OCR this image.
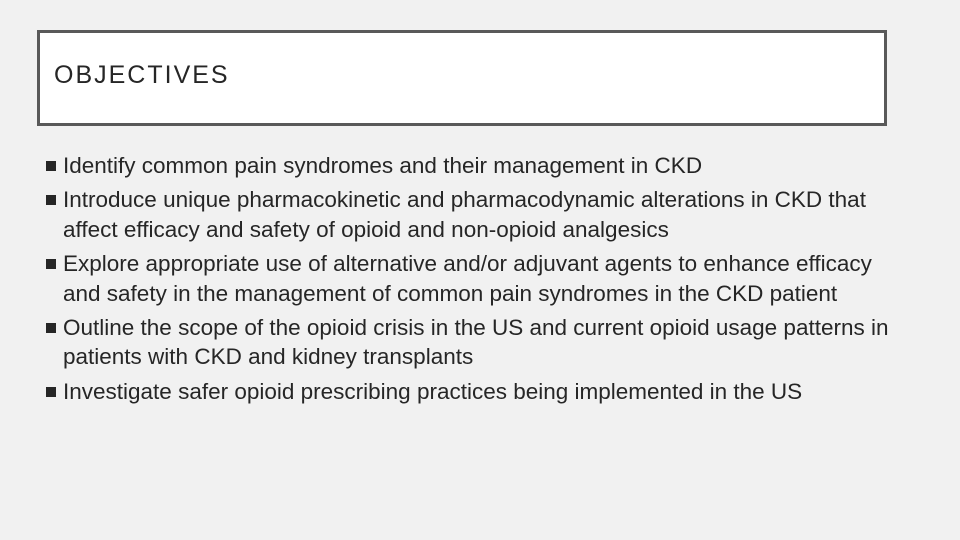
OBJECTIVES
Identify common pain syndromes and their management in CKD
Introduce unique pharmacokinetic and pharmacodynamic alterations in CKD that affect efficacy and safety of opioid and non-opioid analgesics
Explore appropriate use of alternative and/or adjuvant agents to enhance efficacy and safety in the management of common pain syndromes in the CKD patient
Outline the scope of the opioid crisis in the US and current opioid usage patterns in patients with CKD and kidney transplants
Investigate safer opioid prescribing practices being implemented in the US
